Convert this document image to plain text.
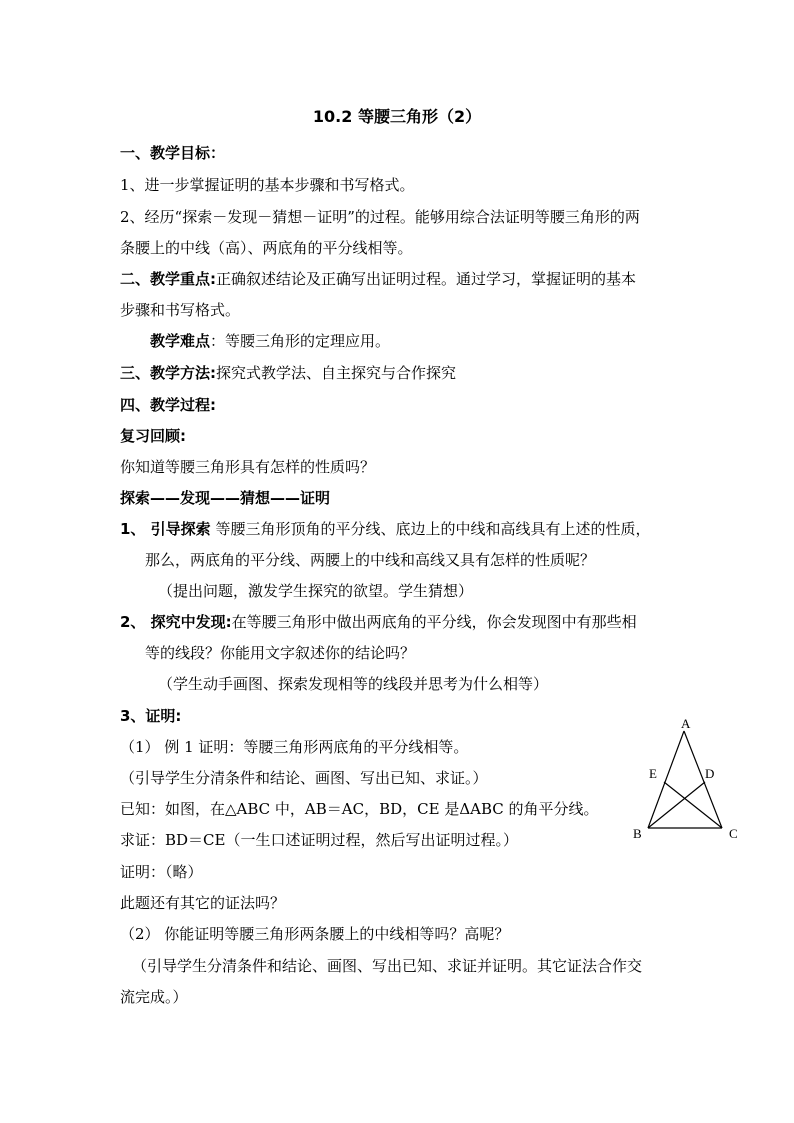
10.2 等腰三角形（2）
一、教学目标：
1、进一步掌握证明的基本步骤和书写格式。
2、经历“探索－发现－猜想－证明”的过程。能够用综合法证明等腰三角形的两
条腰上的中线（高）、两底角的平分线相等。
二、教学重点:正确叙述结论及正确写出证明过程。通过学习，掌握证明的基本
步骤和书写格式。
教学难点：等腰三角形的定理应用。
三、教学方法:探究式教学法、自主探究与合作探究
四、教学过程:
复习回顾:
你知道等腰三角形具有怎样的性质吗？
探索——发现——猜想——证明
1、 引导探索 等腰三角形顶角的平分线、底边上的中线和高线具有上述的性质，
那么，两底角的平分线、两腰上的中线和高线又具有怎样的性质呢？
（提出问题，激发学生探究的欲望。学生猜想）
2、 探究中发现:在等腰三角形中做出两底角的平分线，你会发现图中有那些相
等的线段？你能用文字叙述你的结论吗？
（学生动手画图、探索发现相等的线段并思考为什么相等）
3、证明:
（1） 例 1 证明：等腰三角形两底角的平分线相等。
（引导学生分清条件和结论、画图、写出已知、求证。）
已知：如图，在△ABC 中，AB＝AC，BD，CE 是ΔABC 的角平分线。
求证：BD＝CE（一生口述证明过程，然后写出证明过程。）
证明：（略）
此题还有其它的证法吗？
（2） 你能证明等腰三角形两条腰上的中线相等吗？高呢？
（引导学生分清条件和结论、画图、写出已知、求证并证明。其它证法合作交
流完成。）
A
B	C
D
E
